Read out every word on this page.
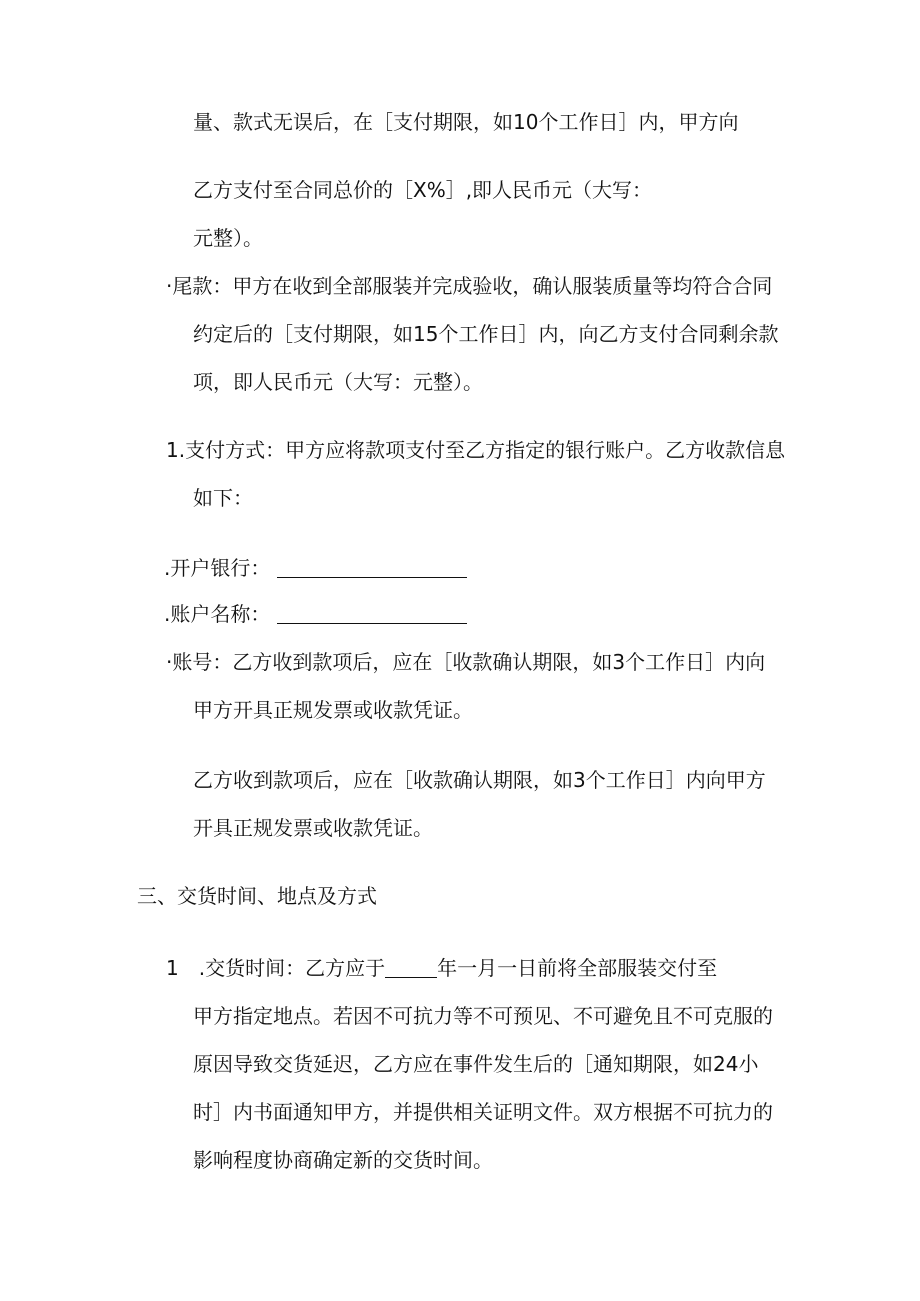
量、款式无误后，在［支付期限，如10个工作日］内，甲方向
乙方支付至合同总价的［X%］,即人民币元（大写：
元整）。
·尾款：甲方在收到全部服装并完成验收，确认服装质量等均符合合同
约定后的［支付期限，如15个工作日］内，向乙方支付合同剩余款
项，即人民币元（大写：元整）。
1.支付方式：甲方应将款项支付至乙方指定的银行账户。乙方收款信息
如下：
.开户银行：
.账户名称：
·账号：乙方收到款项后，应在［收款确认期限，如3个工作日］内向
甲方开具正规发票或收款凭证。
乙方收到款项后，应在［收款确认期限，如3个工作日］内向甲方
开具正规发票或收款凭证。
三、交货时间、地点及方式
1　.交货时间：乙方应于	年一月一日前将全部服装交付至
甲方指定地点。若因不可抗力等不可预见、不可避免且不可克服的
原因导致交货延迟，乙方应在事件发生后的［通知期限，如24小
时］内书面通知甲方，并提供相关证明文件。双方根据不可抗力的
影响程度协商确定新的交货时间。
